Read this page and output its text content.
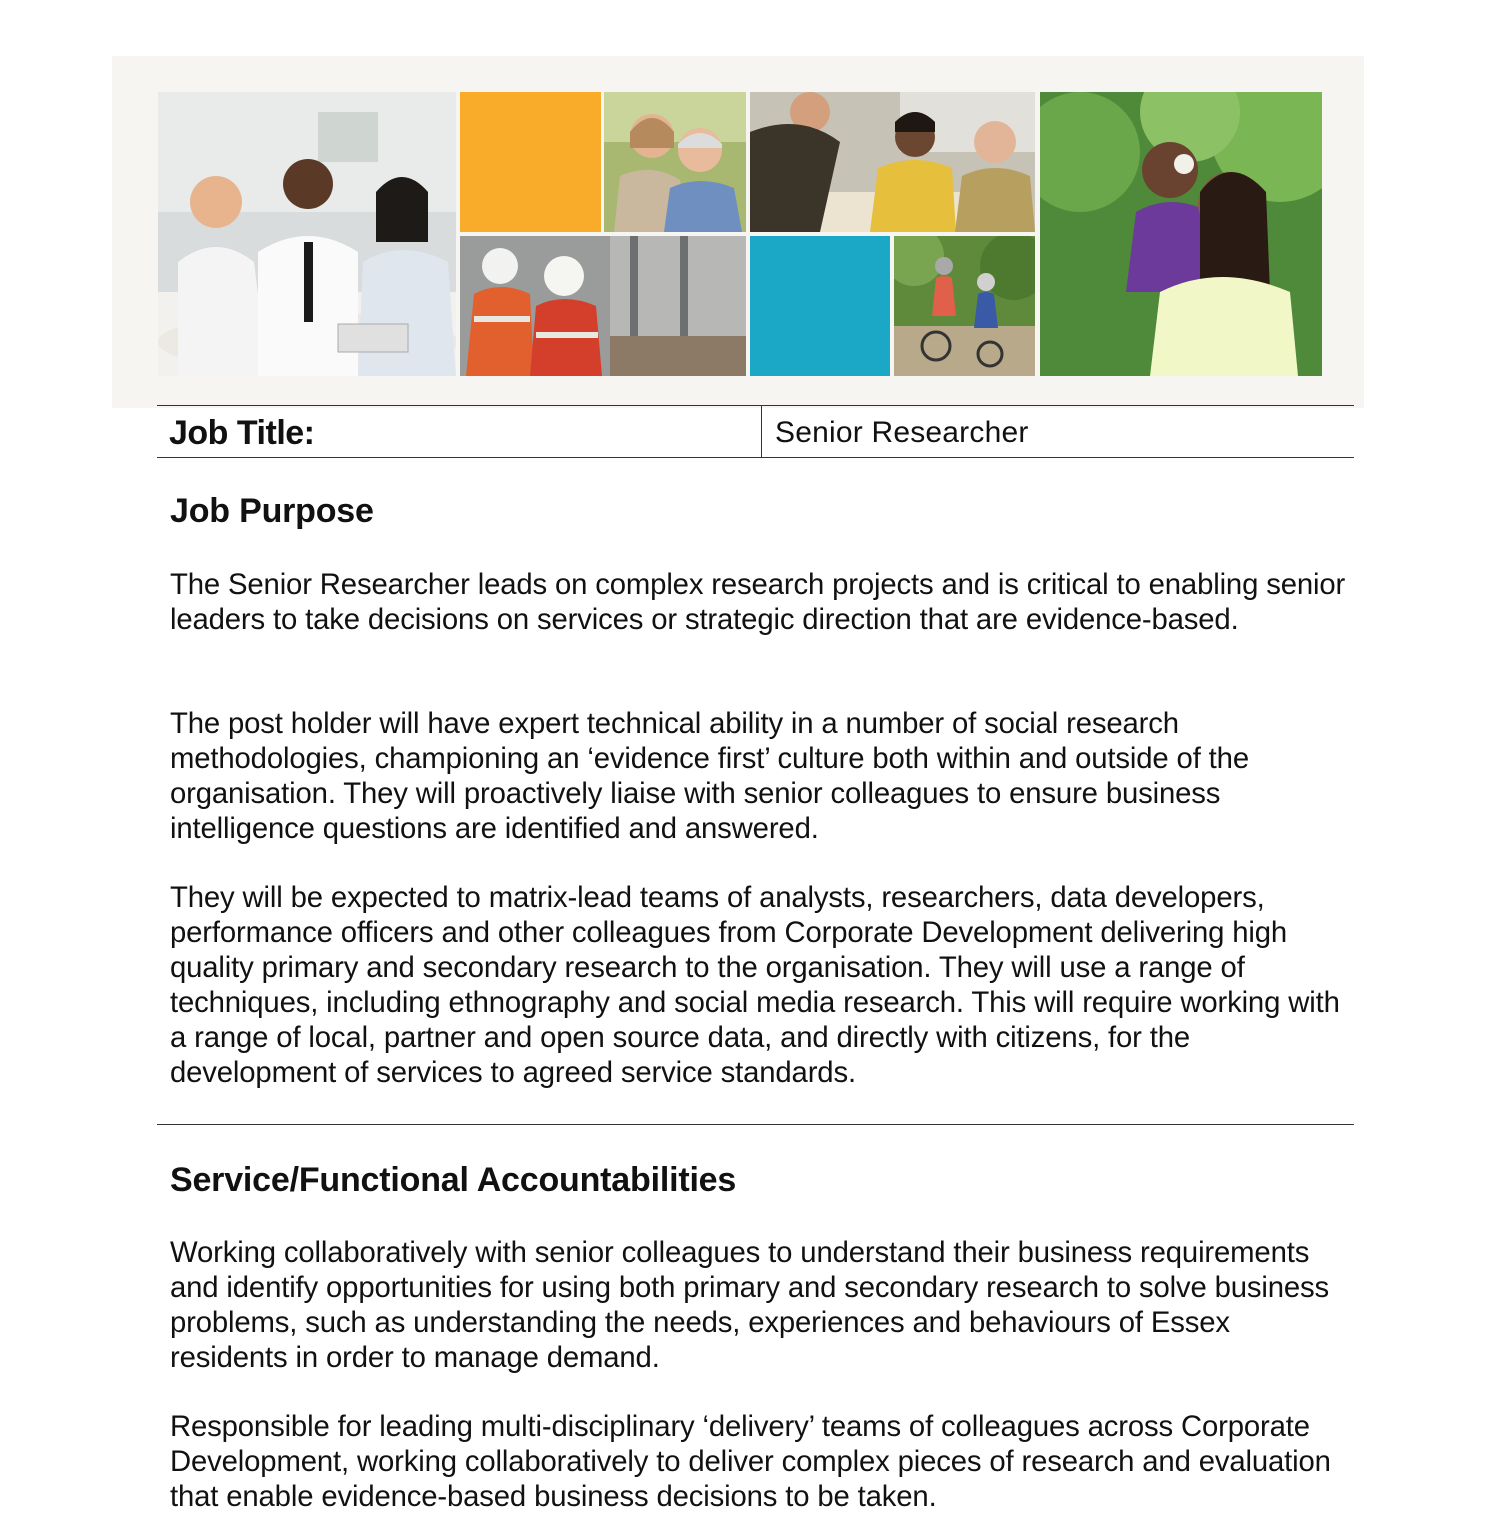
Job Title:	Senior Researcher
Job Purpose

The Senior Researcher leads on complex research projects and is critical to enabling senior leaders to take decisions on services or strategic direction that are evidence-based.

The post holder will have expert technical ability in a number of social research methodologies, championing an ‘evidence first’ culture both within and outside of the organisation. They will proactively liaise with senior colleagues to ensure business intelligence questions are identified and answered.

They will be expected to matrix-lead teams of analysts, researchers, data developers, performance officers and other colleagues from Corporate Development delivering high quality primary and secondary research to the organisation. They will use a range of techniques, including ethnography and social media research. This will require working with a range of local, partner and open source data, and directly with citizens, for the development of services to agreed service standards.

Service/Functional Accountabilities

Working collaboratively with senior colleagues to understand their business requirements and identify opportunities for using both primary and secondary research to solve business problems, such as understanding the needs, experiences and behaviours of Essex residents in order to manage demand.

Responsible for leading multi-disciplinary ‘delivery’ teams of colleagues across Corporate Development, working collaboratively to deliver complex pieces of research and evaluation that enable evidence-based business decisions to be taken.
